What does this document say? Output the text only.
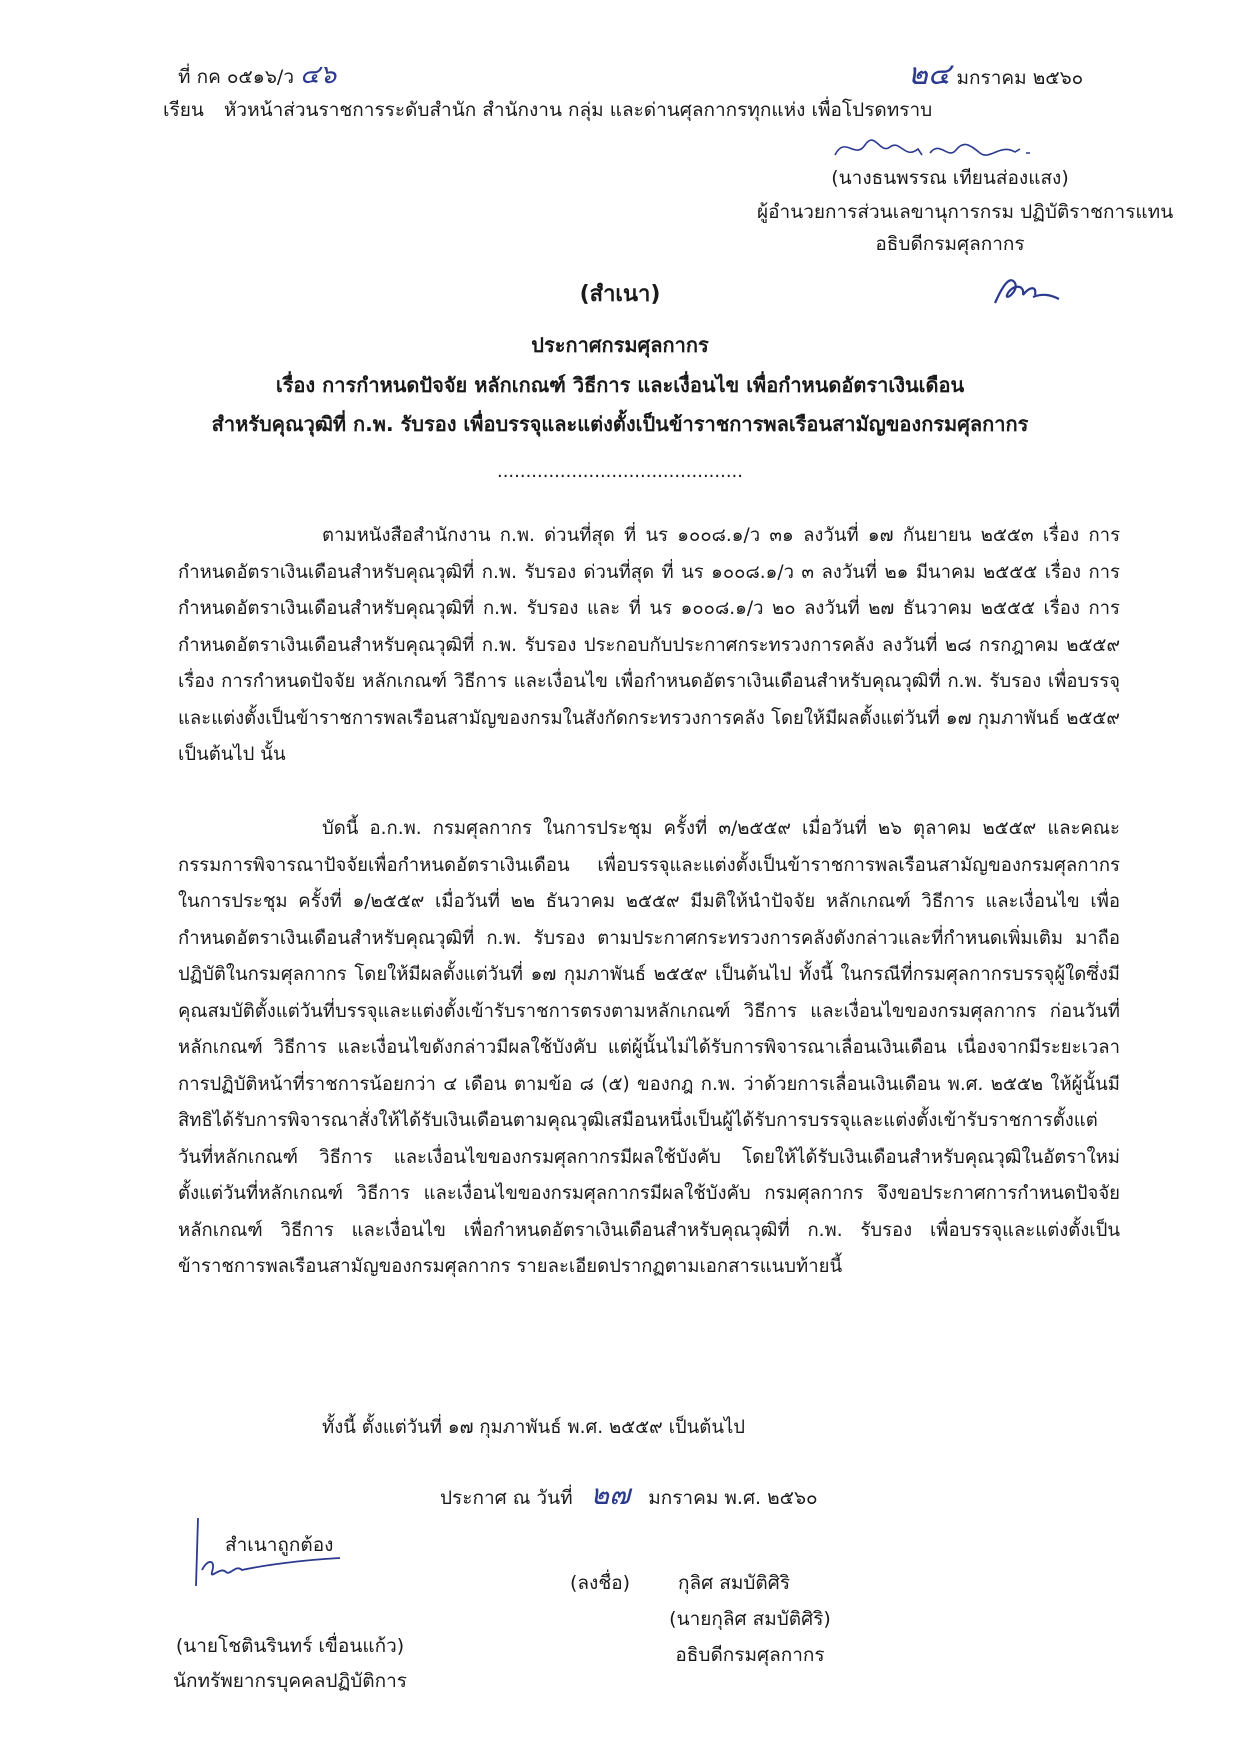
ที่ กค ๐๕๑๖/ว ๔๖	๒๔ มกราคม ๒๕๖๐
เรียน หัวหน้าส่วนราชการระดับสำนัก สำนักงาน กลุ่ม และด่านศุลกากรทุกแห่ง เพื่อโปรดทราบ
(นางธนพรรณ เทียนส่องแสง)
ผู้อำนวยการส่วนเลขานุการกรม ปฏิบัติราชการแทน
อธิบดีกรมศุลกากร
(สำเนา)
ประกาศกรมศุลกากร
เรื่อง การกำหนดปัจจัย หลักเกณฑ์ วิธีการ และเงื่อนไข เพื่อกำหนดอัตราเงินเดือน
สำหรับคุณวุฒิที่ ก.พ. รับรอง เพื่อบรรจุและแต่งตั้งเป็นข้าราชการพลเรือนสามัญของกรมศุลกากร
...........................................
ตามหนังสือสำนักงาน ก.พ. ด่วนที่สุด ที่ นร ๑๐๐๘.๑/ว ๓๑ ลงวันที่ ๑๗ กันยายน ๒๕๕๓ เรื่อง การกำหนดอัตราเงินเดือนสำหรับคุณวุฒิที่ ก.พ. รับรอง ด่วนที่สุด ที่ นร ๑๐๐๘.๑/ว ๓ ลงวันที่ ๒๑ มีนาคม ๒๕๕๕ เรื่อง การกำหนดอัตราเงินเดือนสำหรับคุณวุฒิที่ ก.พ. รับรอง และ ที่ นร ๑๐๐๘.๑/ว ๒๐ ลงวันที่ ๒๗ ธันวาคม ๒๕๕๕ เรื่อง การกำหนดอัตราเงินเดือนสำหรับคุณวุฒิที่ ก.พ. รับรอง ประกอบกับประกาศกระทรวงการคลัง ลงวันที่ ๒๘ กรกฎาคม ๒๕๕๙ เรื่อง การกำหนดปัจจัย หลักเกณฑ์ วิธีการ และเงื่อนไข เพื่อกำหนดอัตราเงินเดือนสำหรับคุณวุฒิที่ ก.พ. รับรอง เพื่อบรรจุและแต่งตั้งเป็นข้าราชการพลเรือนสามัญของกรมในสังกัดกระทรวงการคลัง โดยให้มีผลตั้งแต่วันที่ ๑๗ กุมภาพันธ์ ๒๕๕๙ เป็นต้นไป นั้น
บัดนี้ อ.ก.พ. กรมศุลกากร ในการประชุม ครั้งที่ ๓/๒๕๕๙ เมื่อวันที่ ๒๖ ตุลาคม ๒๕๕๙ และคณะกรรมการพิจารณาปัจจัยเพื่อกำหนดอัตราเงินเดือน เพื่อบรรจุและแต่งตั้งเป็นข้าราชการพลเรือนสามัญของกรมศุลกากร ในการประชุม ครั้งที่ ๑/๒๕๕๙ เมื่อวันที่ ๒๒ ธันวาคม ๒๕๕๙ มีมติให้นำปัจจัย หลักเกณฑ์ วิธีการ และเงื่อนไข เพื่อกำหนดอัตราเงินเดือนสำหรับคุณวุฒิที่ ก.พ. รับรอง ตามประกาศกระทรวงการคลังดังกล่าวและที่กำหนดเพิ่มเติม มาถือปฏิบัติในกรมศุลกากร โดยให้มีผลตั้งแต่วันที่ ๑๗ กุมภาพันธ์ ๒๕๕๙ เป็นต้นไป ทั้งนี้ ในกรณีที่กรมศุลกากรบรรจุผู้ใดซึ่งมีคุณสมบัติตั้งแต่วันที่บรรจุและแต่งตั้งเข้ารับราชการตรงตามหลักเกณฑ์ วิธีการ และเงื่อนไขของกรมศุลกากร ก่อนวันที่หลักเกณฑ์ วิธีการ และเงื่อนไขดังกล่าวมีผลใช้บังคับ แต่ผู้นั้นไม่ได้รับการพิจารณาเลื่อนเงินเดือน เนื่องจากมีระยะเวลาการปฏิบัติหน้าที่ราชการน้อยกว่า ๔ เดือน ตามข้อ ๘ (๕) ของกฎ ก.พ. ว่าด้วยการเลื่อนเงินเดือน พ.ศ. ๒๕๕๒ ให้ผู้นั้นมีสิทธิได้รับการพิจารณาสั่งให้ได้รับเงินเดือนตามคุณวุฒิเสมือนหนึ่งเป็นผู้ได้รับการบรรจุและแต่งตั้งเข้ารับราชการตั้งแต่วันที่หลักเกณฑ์ วิธีการ และเงื่อนไขของกรมศุลกากรมีผลใช้บังคับ โดยให้ได้รับเงินเดือนสำหรับคุณวุฒิในอัตราใหม่ ตั้งแต่วันที่หลักเกณฑ์ วิธีการ และเงื่อนไขของกรมศุลกากรมีผลใช้บังคับ กรมศุลกากร จึงขอประกาศการกำหนดปัจจัย หลักเกณฑ์ วิธีการ และเงื่อนไข เพื่อกำหนดอัตราเงินเดือนสำหรับคุณวุฒิที่ ก.พ. รับรอง เพื่อบรรจุและแต่งตั้งเป็นข้าราชการพลเรือนสามัญของกรมศุลกากร รายละเอียดปรากฏตามเอกสารแนบท้ายนี้
ทั้งนี้ ตั้งแต่วันที่ ๑๗ กุมภาพันธ์ พ.ศ. ๒๕๕๙ เป็นต้นไป
ประกาศ ณ วันที่ ๒๗ มกราคม พ.ศ. ๒๕๖๐
สำเนาถูกต้อง
(นายโชตินรินทร์ เขื่อนแก้ว)
นักทรัพยากรบุคคลปฏิบัติการ
(ลงชื่อ)	กุลิศ สมบัติศิริ
(นายกุลิศ สมบัติศิริ)
อธิบดีกรมศุลกากร
